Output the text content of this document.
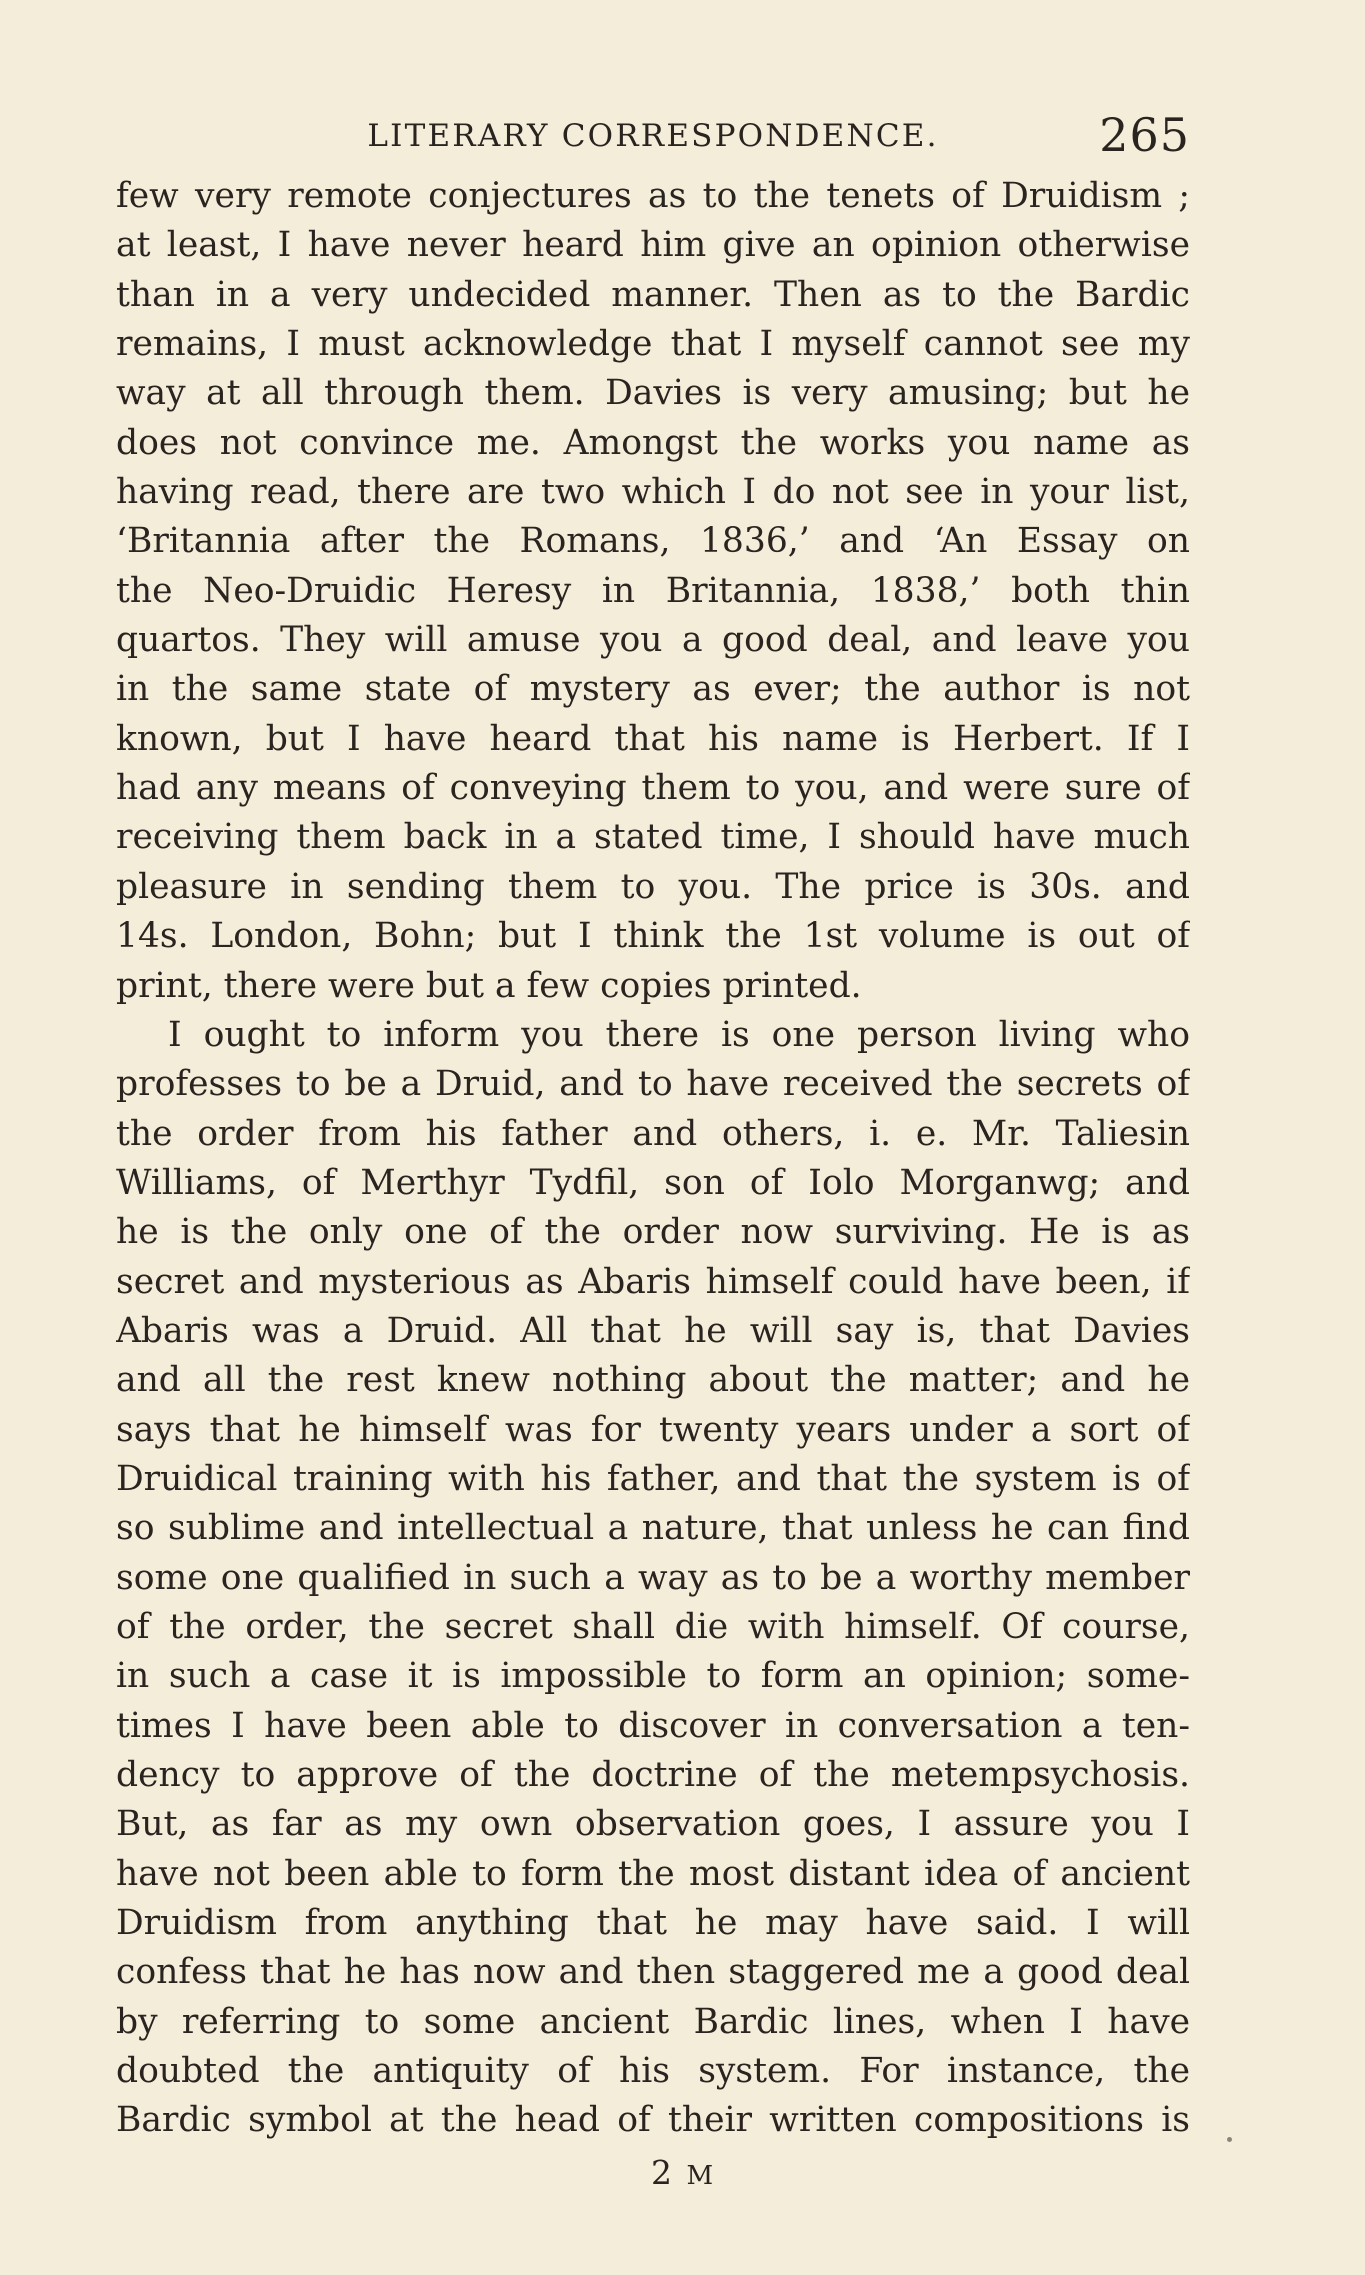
LITERARY CORRESPONDENCE.	265
few very remote conjectures as to the tenets of Druidism ;
at least, I have never heard him give an opinion otherwise
than in a very undecided manner. Then as to the Bardic
remains, I must acknowledge that I myself cannot see my
way at all through them. Davies is very amusing; but he
does not convince me. Amongst the works you name as
having read, there are two which I do not see in your list,
‘Britannia after the Romans, 1836,’ and ‘An Essay on
the Neo-Druidic Heresy in Britannia, 1838,’ both thin
quartos. They will amuse you a good deal, and leave you
in the same state of mystery as ever; the author is not
known, but I have heard that his name is Herbert. If I
had any means of conveying them to you, and were sure of
receiving them back in a stated time, I should have much
pleasure in sending them to you. The price is 30s. and
14s. London, Bohn; but I think the 1st volume is out of
print, there were but a few copies printed.
I ought to inform you there is one person living who
professes to be a Druid, and to have received the secrets of
the order from his father and others, i. e. Mr. Taliesin
Williams, of Merthyr Tydfil, son of Iolo Morganwg; and
he is the only one of the order now surviving. He is as
secret and mysterious as Abaris himself could have been, if
Abaris was a Druid. All that he will say is, that Davies
and all the rest knew nothing about the matter; and he
says that he himself was for twenty years under a sort of
Druidical training with his father, and that the system is of
so sublime and intellectual a nature, that unless he can find
some one qualified in such a way as to be a worthy member
of the order, the secret shall die with himself. Of course,
in such a case it is impossible to form an opinion; some-
times I have been able to discover in conversation a ten-
dency to approve of the doctrine of the metempsychosis.
But, as far as my own observation goes, I assure you I
have not been able to form the most distant idea of ancient
Druidism from anything that he may have said. I will
confess that he has now and then staggered me a good deal
by referring to some ancient Bardic lines, when I have
doubted the antiquity of his system. For instance, the
Bardic symbol at the head of their written compositions is
2 M
